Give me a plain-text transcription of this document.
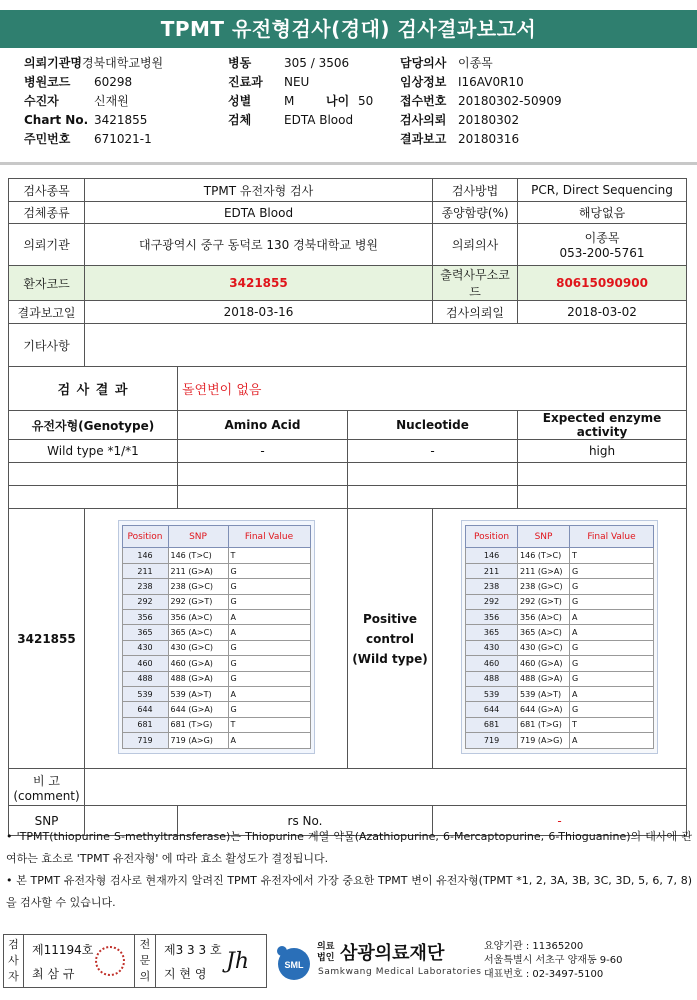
TPMT 유전형검사(경대) 검사결과보고서
의뢰기관명경북대학교병원
병원코드 60298
수진자	신재원
Chart No. 3421855
주민번호 671021-1
병동	305 / 3506
진료과 NEU
성별	M	나이 50
검체	EDTA Blood
담당의사 이종목
임상정보 I16AV0R10
접수번호 20180302-50909
검사의뢰 20180302
결과보고 20180316
검사종목	TPMT 유전자형 검사	검사방법	PCR, Direct Sequencing
검체종류	EDTA Blood	종양함량(%)	해당없음
의뢰기관	대구광역시 중구 동덕로 130 경북대학교 병원	의뢰의사	이종목
053-200-5761

환자코드	3421855	출력사무소코드	80615090900
결과보고일	2018-03-16	검사의뢰일	2018-03-02
기타사항	
검 사 결 과	돌연변이 없음
유전자형(Genotype)	Amino Acid	Nucleotide	Expected enzyme activity
Wild type *1/*1	-	-	high

3421855	
Position	SNP	Final Value
146	146 (T>C)	T
211	211 (G>A)	G
238	238 (G>C)	G
292	292 (G>T)	G
356	356 (A>C)	A
365	365 (A>C)	A
430	430 (G>C)	G
460	460 (G>A)	G
488	488 (G>A)	G
539	539 (A>T)	A
644	644 (G>A)	G
681	681 (T>G)	T
719	719 (A>G)	A

Positive
control
(Wild type)

Position	SNP	Final Value
146	146 (T>C)	T
211	211 (G>A)	G
238	238 (G>C)	G
292	292 (G>T)	G
356	356 (A>C)	A
365	365 (A>C)	A
430	430 (G>C)	G
460	460 (G>A)	G
488	488 (G>A)	G
539	539 (A>T)	A
644	644 (G>A)	G
681	681 (T>G)	T
719	719 (A>G)	A

비 고
(comment)

SNP		rs No.	-

• 'TPMT(thiopurine S-methyltransferase)는 Thiopurine 계열 약물(Azathiopurine, 6-Mercaptopurine, 6-Thioguanine)의 대사에 관여하는 효소로 'TPMT 유전자형' 에 따라 효소 활성도가 결정됩니다.

• 본 TPMT 유전자형 검사로 현재까지 알려진 TPMT 유전자에서 가장 중요한 TPMT 변이 유전자형(TPMT *1, 2, 3A, 3B, 3C, 3D, 5, 6, 7, 8)을 검사할 수 있습니다.

검
사
자
제11194호
최 삼 규
전
문
의
제3 3 3 호
지 현 영 Jh	SML
의료
법인 삼광의료재단
Samkwang Medical Laboratories
요양기관 : 11365200
서울특별시 서초구 양재동 9-60
대표번호 : 02-3497-5100
